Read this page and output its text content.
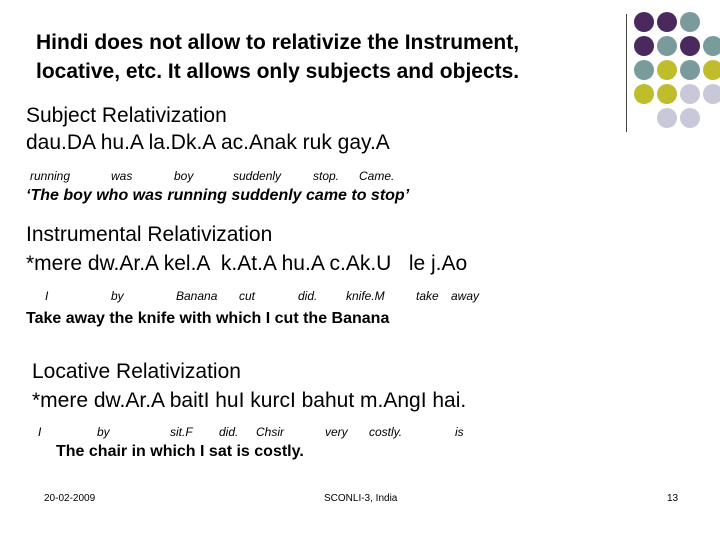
Hindi does not allow to relativize the Instrument,
locative, etc. It allows only subjects and objects.
Subject Relativization
dau.DA hu.A la.Dk.A ac.Anak ruk gay.A
running	was	boy	suddenly	stop. Came.
‘The boy who was running suddenly came to stop’
Instrumental Relativization
*mere dw.Ar.A kel.A  k.At.A hu.A c.Ak.U   le j.Ao
I	by	Banana cut	did. knife.M	take away
Take away the knife with which I cut the Banana
Locative Relativization
*mere dw.Ar.A baitI huI kurcI bahut m.AngI hai.
I	by	sit.F did. Chsir	very costly.	is
The chair in which I sat is costly.
20-02-2009	SCONLI-3, India	13
